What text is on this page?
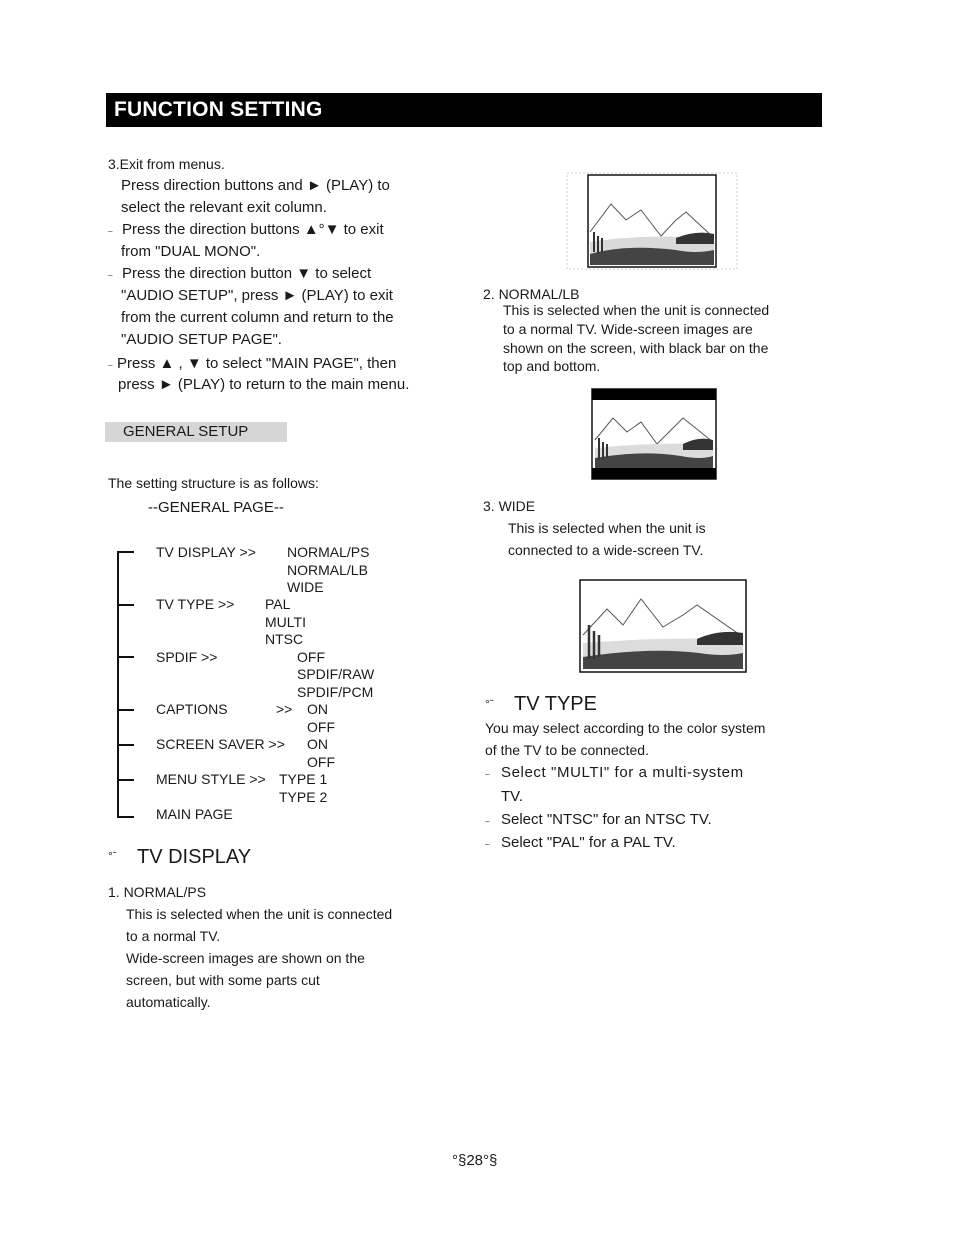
FUNCTION SETTING
3.Exit from menus.
Press direction buttons and ► (PLAY) to
select the relevant exit column.
˗ Press the direction buttons ▲°▼ to exit
from "DUAL MONO".
˗ Press the direction button ▼ to select
"AUDIO SETUP", press ► (PLAY) to exit
from the current column and return to the
"AUDIO SETUP PAGE".
˗ Press ▲ , ▼ to select "MAIN PAGE", then
press ► (PLAY) to return to the main menu.
GENERAL SETUP
The setting structure is as follows:
--GENERAL PAGE--
TV DISPLAY >> NORMAL/PS
NORMAL/LB
WIDE
TV TYPE >> PAL
MULTI
NTSC
SPDIF >>	OFF
SPDIF/RAW
SPDIF/PCM
CAPTIONS	>> ON
OFF
SCREEN SAVER >> ON
OFF
MENU STYLE >> TYPE 1
TYPE 2
MAIN PAGE
°ˉ TV DISPLAY
1. NORMAL/PS
This is selected when the unit is connected
to a normal TV.
Wide-screen images are shown on the
screen, but with some parts cut
automatically.
2. NORMAL/LB
This is selected when the unit is connected
to a normal TV. Wide-screen images are
shown on the screen, with black bar on the
top and bottom.
3. WIDE
This is selected when the unit is
connected to a wide-screen TV.
°ˉ TV TYPE
You may select according to the color system
of the TV to be connected.
˗ Select "MULTI" for a multi-system
TV.
˗ Select "NTSC" for an NTSC TV.
˗ Select "PAL" for a PAL TV.
°§28°§
